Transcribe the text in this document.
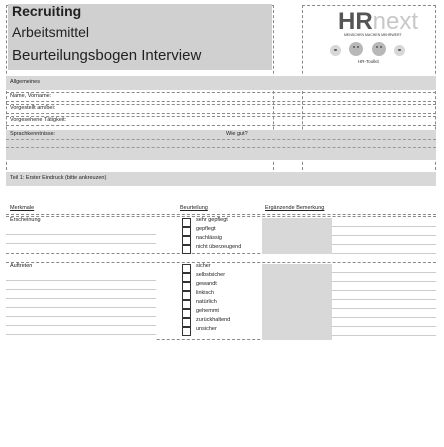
Recruiting
Arbeitsmittel
Beurteilungsbogen Interview
HRnext
MENSCHEN MACHEN MEHRWERT

HR-Toolkit
Allgemeines
Name, Vorname:
Vorgestellt am/bei:
Vorgesehene Tätigkeit:
Sprachkenntnisse:	Wie gut?
Teil 1: Erster Eindruck (bitte ankreuzen)
Merkmale	Beurteilung	Ergänzende Bemerkung
Erscheinung	sehr gepflegt
gepflegt
nachlässig
nicht überzeugend
Auftreten	sicher
selbstsicher
gewandt
linkisch
natürlich
gehemmt
zurückhaltend
unsicher
